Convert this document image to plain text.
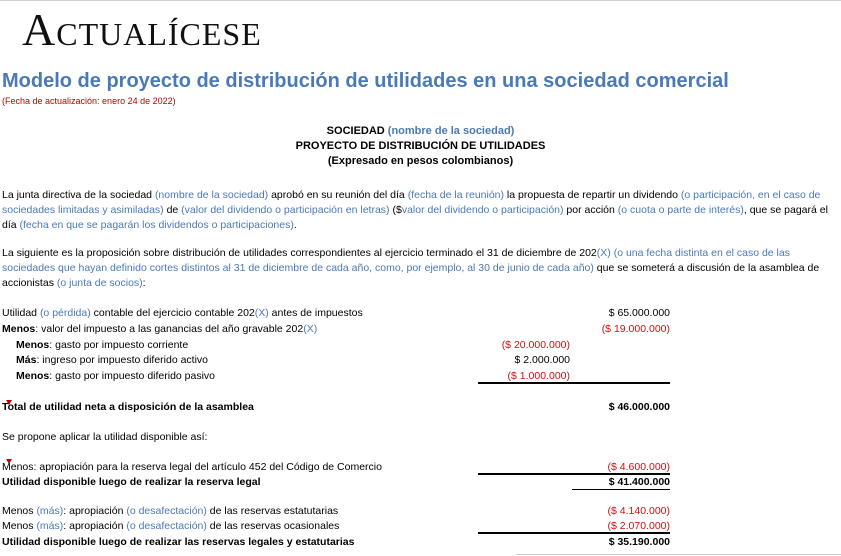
Actualícese
Modelo de proyecto de distribución de utilidades en una sociedad comercial
(Fecha de actualización: enero 24 de 2022)
SOCIEDAD (nombre de la sociedad)
PROYECTO DE DISTRIBUCIÓN DE UTILIDADES
(Expresado en pesos colombianos)
La junta directiva de la sociedad (nombre de la sociedad) aprobó en su reunión del día (fecha de la reunión) la propuesta de repartir un dividendo (o participación, en el caso de sociedades limitadas y asimiladas) de (valor del dividendo o participación en letras) ($valor del dividendo o participación) por acción (o cuota o parte de interés), que se pagará el día (fecha en que se pagarán los dividendos o participaciones).
La siguiente es la proposición sobre distribución de utilidades correspondientes al ejercicio terminado el 31 de diciembre de 202(X) (o una fecha distinta en el caso de las sociedades que hayan definido cortes distintos al 31 de diciembre de cada año, como, por ejemplo, al 30 de junio de cada año) que se someterá a discusión de la asamblea de accionistas (o junta de socios):
Utilidad (o pérdida) contable del ejercicio contable 202(X) antes de impuestos	$ 65.000.000
Menos: valor del impuesto a las ganancias del año gravable 202(X)	($ 19.000.000)
Menos: gasto por impuesto corriente	($ 20.000.000)
Más: ingreso por impuesto diferido activo	$ 2.000.000
Menos: gasto por impuesto diferido pasivo	($ 1.000.000)
Total de utilidad neta a disposición de la asamblea	$ 46.000.000
Se propone aplicar la utilidad disponible así:
Menos: apropiación para la reserva legal del artículo 452 del Código de Comercio	($ 4.600.000)
Utilidad disponible luego de realizar la reserva legal	$ 41.400.000
Menos (más): apropiación (o desafectación) de las reservas estatutarias	($ 4.140.000)
Menos (más): apropiación (o desafectación) de las reservas ocasionales	($ 2.070.000)
Utilidad disponible luego de realizar las reservas legales y estatutarias	$ 35.190.000
